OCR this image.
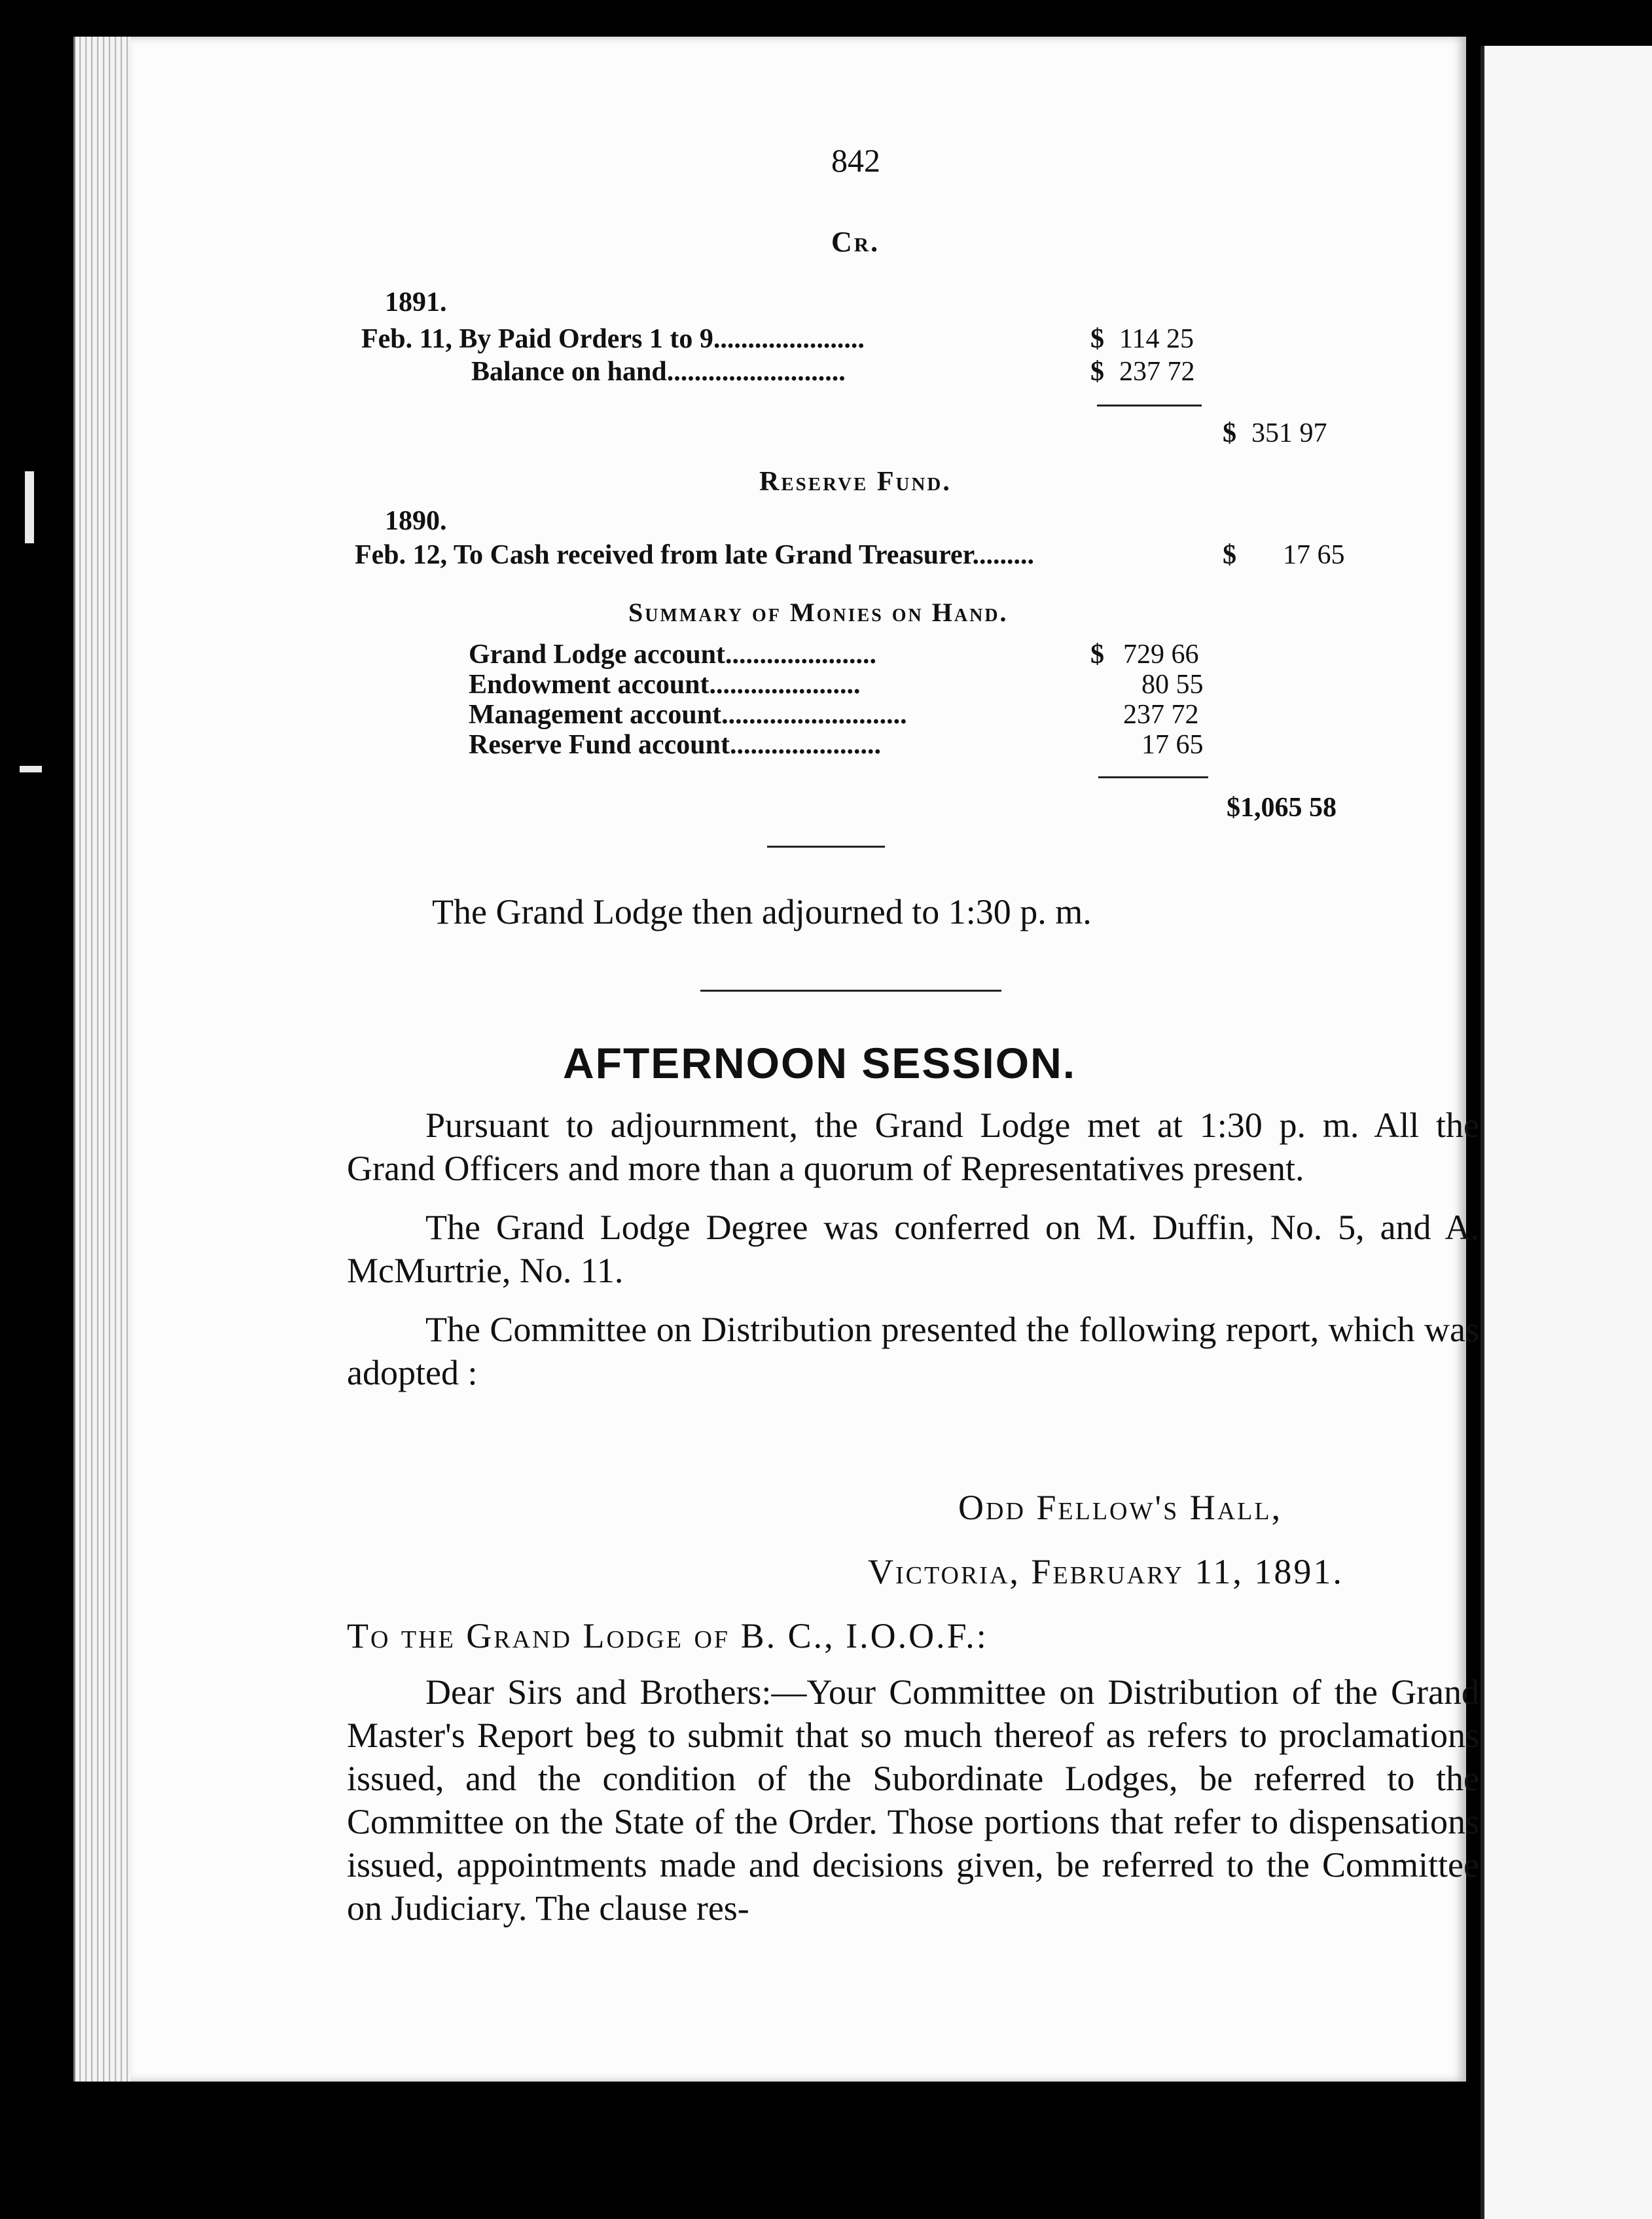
842
Cr.
1891.
Feb. 11, By Paid Orders 1 to 9......................	$ 114 25
Balance on hand..........................	$ 237 72
$ 351 97
Reserve Fund.
1890.
Feb. 12, To Cash received from late Grand Treasurer.........	$ 17 65
Summary of Monies on Hand.
Grand Lodge account......................	$ 729 66
Endowment account......................	80 55
Management account...........................	237 72
Reserve Fund account......................	17 65
$1,065 58
The Grand Lodge then adjourned to 1:30 p. m.
AFTERNOON SESSION.

Pursuant to adjournment, the Grand Lodge met at 1:30 p. m. All the Grand Officers and more than a quorum of Representatives present.

The Grand Lodge Degree was conferred on M. Duffin, No. 5, and A. McMurtrie, No. 11.

The Committee on Distribution presented the following report, which was adopted :

Odd Fellow's Hall,
Victoria, February 11, 1891.
To the Grand Lodge of B. C., I.O.O.F.:

Dear Sirs and Brothers:—Your Committee on Distribution of the Grand Master's Report beg to submit that so much thereof as refers to proclamations issued, and the condition of the Subordinate Lodges, be referred to the Committee on the State of the Order. Those portions that refer to dispensations issued, appointments made and decisions given, be referred to the Committee on Judiciary. The clause res-
